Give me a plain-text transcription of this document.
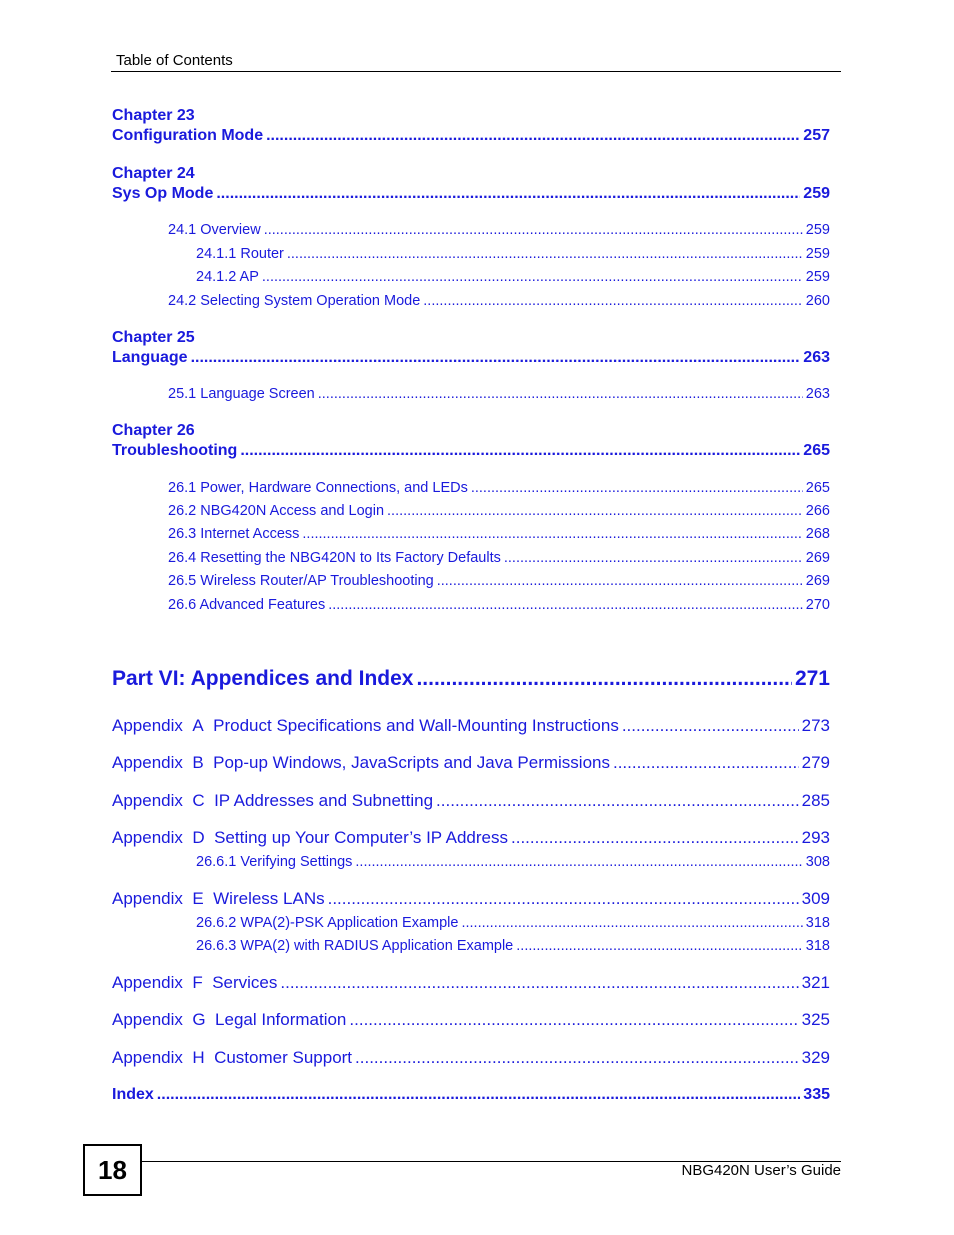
Table of Contents
Chapter 23
Configuration Mode .....	257
Chapter 24
Sys Op Mode .....	259
24.1 Overview .....	259
24.1.1 Router .....	259
24.1.2 AP .....	259
24.2 Selecting System Operation Mode .....	260
Chapter 25
Language .....	263
25.1 Language Screen .....	263
Chapter 26
Troubleshooting .....	265
26.1 Power, Hardware Connections, and LEDs .....	265
26.2 NBG420N Access and Login .....	266
26.3 Internet Access .....	268
26.4 Resetting the NBG420N to Its Factory Defaults .....	269
26.5 Wireless Router/AP Troubleshooting .....	269
26.6 Advanced Features .....	270
Part VI: Appendices and Index .....	271
Appendix A Product Specifications and Wall-Mounting Instructions .....	273
Appendix B Pop-up Windows, JavaScripts and Java Permissions .....	279
Appendix C IP Addresses and Subnetting .....	285
Appendix D Setting up Your Computer’s IP Address .....	293
26.6.1 Verifying Settings .....	308
Appendix E Wireless LANs .....	309
26.6.2 WPA(2)-PSK Application Example .....	318
26.6.3 WPA(2) with RADIUS Application Example .....	318
Appendix F Services .....	321
Appendix G Legal Information .....	325
Appendix H Customer Support .....	329
Index .....	335
18	NBG420N User’s Guide
